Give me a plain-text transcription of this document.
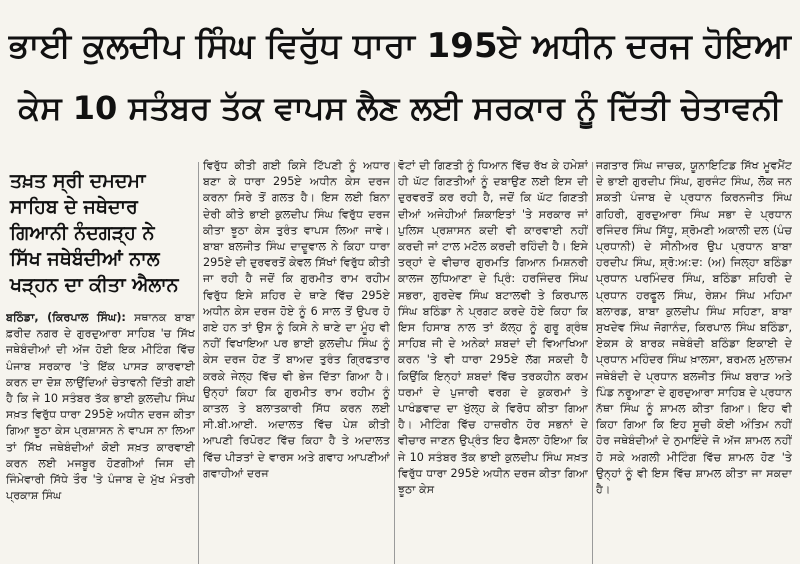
ਭਾਈ ਕੁਲਦੀਪ ਸਿੰਘ ਵਿਰੁੱਧ ਧਾਰਾ 195ਏ ਅਧੀਨ ਦਰਜ ਹੋਇਆ
ਕੇਸ 10 ਸਤੰਬਰ ਤੱਕ ਵਾਪਸ ਲੈਣ ਲਈ ਸਰਕਾਰ ਨੂੰ ਦਿੱਤੀ ਚੇਤਾਵਨੀ
ਤਖ਼ਤ ਸ੍ਰੀ ਦਮਦਮਾ ਸਾਹਿਬ ਦੇ ਜਥੇਦਾਰ ਗਿਆਨੀ ਨੰਦਗੜ੍ਹ ਨੇ ਸਿੱਖ ਜਥੇਬੰਦੀਆਂ ਨਾਲ ਖੜ੍ਹਨ ਦਾ ਕੀਤਾ ਐਲਾਨ

ਬਠਿੰਡਾ, (ਕਿਰਪਾਲ ਸਿੰਘ): ਸਥਾਨਕ ਬਾਬਾ ਫ਼ਰੀਦ ਨਗਰ ਦੇ ਗੁਰਦੁਆਰਾ ਸਾਹਿਬ 'ਚ ਸਿੱਖ ਜਥੇਬੰਦੀਆਂ ਦੀ ਅੱਜ ਹੋਈ ਇਕ ਮੀਟਿੰਗ ਵਿੱਚ ਪੰਜਾਬ ਸਰਕਾਰ 'ਤੇ ਇੱਕ ਪਾਸੜ ਕਾਰਵਾਈ ਕਰਨ ਦਾ ਦੋਸ਼ ਲਾਉਂਦਿਆਂ ਚੇਤਾਵਨੀ ਦਿੱਤੀ ਗਈ ਹੈ ਕਿ ਜੇ 10 ਸਤੰਬਰ ਤੱਕ ਭਾਈ ਕੁਲਦੀਪ ਸਿੰਘ ਸਖ਼ਤ ਵਿਰੁੱਧ ਧਾਰਾ 295ਏ ਅਧੀਨ ਦਰਜ ਕੀਤਾ ਗਿਆ ਝੂਠਾ ਕੇਸ ਪ੍ਰਸ਼ਾਸਨ ਨੇ ਵਾਪਸ ਨਾ ਲਿਆ ਤਾਂ ਸਿੱਖ ਜਥੇਬੰਦੀਆਂ ਕੋਈ ਸਖ਼ਤ ਕਾਰਵਾਈ ਕਰਨ ਲਈ ਮਜਬੂਰ ਹੋਣਗੀਆਂ ਜਿਸ ਦੀ ਜਿੰਮੇਵਾਰੀ ਸਿੱਧੇ ਤੌਰ 'ਤੇ ਪੰਜਾਬ ਦੇ ਮੁੱਖ ਮੰਤਰੀ ਪ੍ਰਕਾਸ਼ ਸਿੰਘ

ਵਿਰੁੱਧ ਕੀਤੀ ਗਈ ਕਿਸੇ ਟਿੱਪਣੀ ਨੂੰ ਅਧਾਰ ਬਣਾ ਕੇ ਧਾਰਾ 295ਏ ਅਧੀਨ ਕੇਸ ਦਰਜ ਕਰਨਾ ਸਿਰੇ ਤੋਂ ਗਲਤ ਹੈ। ਇਸ ਲਈ ਬਿਨਾ ਦੇਰੀ ਕੀਤੇ ਭਾਈ ਕੁਲਦੀਪ ਸਿੰਘ ਵਿਰੁੱਧ ਦਰਜ ਕੀਤਾ ਝੂਠਾ ਕੇਸ ਤੁਰੰਤ ਵਾਪਸ ਲਿਆ ਜਾਵੇ। ਬਾਬਾ ਬਲਜੀਤ ਸਿੰਘ ਦਾਦੂਵਾਲ ਨੇ ਕਿਹਾ ਧਾਰਾ 295ਏ ਦੀ ਦੁਰਵਰਤੋਂ ਕੇਵਲ ਸਿੱਖਾਂ ਵਿਰੁੱਧ ਕੀਤੀ ਜਾ ਰਹੀ ਹੈ ਜਦੋਂ ਕਿ ਗੁਰਮੀਤ ਰਾਮ ਰਹੀਮ ਵਿਰੁੱਧ ਇਸੇ ਸ਼ਹਿਰ ਦੇ ਥਾਣੇ ਵਿੱਚ 295ਏ ਅਧੀਨ ਕੇਸ ਦਰਜ ਹੋਏ ਨੂੰ 6 ਸਾਲ ਤੋਂ ਉਪਰ ਹੋ ਗਏ ਹਨ ਤਾਂ ਉਸ ਨੂੰ ਕਿਸੇ ਨੇ ਥਾਣੇ ਦਾ ਮੂੰਹ ਵੀ ਨਹੀਂ ਵਿਖਾਇਆ ਪਰ ਭਾਈ ਕੁਲਦੀਪ ਸਿੰਘ ਨੂੰ ਕੇਸ ਦਰਜ ਹੋਣ ਤੋਂ ਬਾਅਦ ਤੁਰੰਤ ਗ੍ਰਿਫਤਾਰ ਕਰਕੇ ਜੇਲ੍ਹ ਵਿੱਚ ਵੀ ਭੇਜ ਦਿੱਤਾ ਗਿਆ ਹੈ। ਉਨ੍ਹਾਂ ਕਿਹਾ ਕਿ ਗੁਰਮੀਤ ਰਾਮ ਰਹੀਮ ਨੂੰ ਕਾਤਲ ਤੇ ਬਲਾਤਕਾਰੀ ਸਿੱਧ ਕਰਨ ਲਈ ਸੀ.ਬੀ.ਆਈ. ਅਦਾਲਤ ਵਿੱਚ ਪੇਸ਼ ਕੀਤੀ ਆਪਣੀ ਰਿਪੋਰਟ ਵਿੱਚ ਕਿਹਾ ਹੈ ਤੇ ਅਦਾਲਤ ਵਿੱਚ ਪੀੜਤਾਂ ਦੇ ਵਾਰਸ ਅਤੇ ਗਵਾਹ ਆਪਣੀਆਂ ਗਵਾਹੀਆਂ ਦਰਜ

ਵੋਟਾਂ ਦੀ ਗਿਣਤੀ ਨੂੰ ਧਿਆਨ ਵਿੱਚ ਰੱਖ ਕੇ ਹਮੇਸ਼ਾਂ ਹੀ ਘੱਟ ਗਿਣਤੀਆਂ ਨੂੰ ਦਬਾਉਣ ਲਈ ਇਸ ਦੀ ਦੁਰਵਰਤੋਂ ਕਰ ਰਹੀ ਹੈ, ਜਦੋਂ ਕਿ ਘੱਟ ਗਿਣਤੀ ਦੀਆਂ ਅਜੇਹੀਆਂ ਸ਼ਿਕਾਇਤਾਂ 'ਤੇ ਸਰਕਾਰ ਜਾਂ ਪੁਲਿਸ ਪ੍ਰਸ਼ਾਸਨ ਕਦੀ ਵੀ ਕਾਰਵਾਈ ਨਹੀਂ ਕਰਦੀ ਜਾਂ ਟਾਲ ਮਟੋਲ ਕਰਦੀ ਰਹਿੰਦੀ ਹੈ। ਇਸੇ ਤਰ੍ਹਾਂ ਦੇ ਵੀਚਾਰ ਗੁਰਮਤਿ ਗਿਆਨ ਮਿਸ਼ਨਰੀ ਕਾਲਜ ਲੁਧਿਆਣਾ ਦੇ ਪ੍ਰਿੰ: ਹਰਜਿੰਦਰ ਸਿੰਘ ਸਭਰਾ, ਗੁਰਦੇਵ ਸਿੰਘ ਬਟਾਲਵੀ ਤੇ ਕਿਰਪਾਲ ਸਿੰਘ ਬਠਿੰਡਾ ਨੇ ਪ੍ਰਗਟ ਕਰਦੇ ਹੋਏ ਕਿਹਾ ਕਿ ਇਸ ਹਿਸਾਬ ਨਾਲ ਤਾਂ ਕੱਲ੍ਹ ਨੂੰ ਗੁਰੂ ਗ੍ਰੰਥ ਸਾਹਿਬ ਜੀ ਦੇ ਅਨੇਕਾਂ ਸ਼ਬਦਾਂ ਦੀ ਵਿਆਖਿਆ ਕਰਨ 'ਤੇ ਵੀ ਧਾਰਾ 295ਏ ਲੱਗ ਸਕਦੀ ਹੈ ਕਿਉਂਕਿ ਇਨ੍ਹਾਂ ਸ਼ਬਦਾਂ ਵਿੱਚ ਤਰਕਹੀਨ ਕਰਮ ਧਰਮਾਂ ਦੇ ਪੁਜਾਰੀ ਵਰਗ ਦੇ ਕੁਕਰਮਾਂ ਤੇ ਪਾਖੰਡਵਾਦ ਦਾ ਖੁੱਲ੍ਹ ਕੇ ਵਿਰੋਧ ਕੀਤਾ ਗਿਆ ਹੈ। ਮੀਟਿੰਗ ਵਿੱਚ ਹਾਜ਼ਰੀਨ ਹੋਰ ਸਭਨਾਂ ਦੇ ਵੀਚਾਰ ਜਾਣਨ ਉਪ੍ਰੰਤ ਇਹ ਫੈਸਲਾ ਹੋਇਆ ਕਿ ਜੇ 10 ਸਤੰਬਰ ਤੱਕ ਭਾਈ ਕੁਲਦੀਪ ਸਿੰਘ ਸਖ਼ਤ ਵਿਰੁੱਧ ਧਾਰਾ 295ਏ ਅਧੀਨ ਦਰਜ ਕੀਤਾ ਗਿਆ ਝੂਠਾ ਕੇਸ

ਜਗਤਾਰ ਸਿੰਘ ਜਾਚਕ, ਯੂਨਾਇਟਿਡ ਸਿੱਖ ਮੂਵਮੈਂਟ ਦੇ ਭਾਈ ਗੁਰਦੀਪ ਸਿੰਘ, ਗੁਰਜੰਟ ਸਿੰਘ, ਲੋਕ ਜਨ ਸ਼ਕਤੀ ਪੰਜਾਬ ਦੇ ਪ੍ਰਧਾਨ ਕਿਰਨਜੀਤ ਸਿੰਘ ਗਹਿਰੀ, ਗੁਰਦੁਆਰਾ ਸਿੰਘ ਸਭਾ ਦੇ ਪ੍ਰਧਾਨ ਰਜਿੰਦਰ ਸਿੰਘ ਸਿੱਧੂ, ਸ਼੍ਰੋਮਣੀ ਅਕਾਲੀ ਦਲ (ਪੰਚ ਪ੍ਰਧਾਨੀ) ਦੇ ਸੀਨੀਅਰ ਉਪ ਪ੍ਰਧਾਨ ਬਾਬਾ ਹਰਦੀਪ ਸਿੰਘ, ਸ਼੍ਰੋ:ਅ:ਦ: (ਅ) ਜਿਲ੍ਹਾ ਬਠਿੰਡਾ ਪ੍ਰਧਾਨ ਪਰਮਿੰਦਰ ਸਿੰਘ, ਬਠਿੰਡਾ ਸ਼ਹਿਰੀ ਦੇ ਪ੍ਰਧਾਨ ਹਰਫੂਲ ਸਿੰਘ, ਰੇਸ਼ਮ ਸਿੰਘ ਮਹਿਮਾ ਬਲਾਰਡ, ਬਾਬਾ ਕੁਲਦੀਪ ਸਿੰਘ ਸਹਿਣਾ, ਬਾਬਾ ਸੁਖਦੇਵ ਸਿੰਘ ਜੋਗਾਨੰਦ, ਕਿਰਪਾਲ ਸਿੰਘ ਬਠਿੰਡਾ, ਏਕਸ ਕੇ ਬਾਰਕ ਜਥੇਬੰਦੀ ਬਠਿੰਡਾ ਇਕਾਈ ਦੇ ਪ੍ਰਧਾਨ ਮਹਿੰਦਰ ਸਿੰਘ ਖ਼ਾਲਸਾ, ਬਰਮਲ ਮੁਲਾਜ਼ਮ ਜਥੇਬੰਦੀ ਦੇ ਪ੍ਰਧਾਨ ਬਲਜੀਤ ਸਿੰਘ ਬਰਾੜ ਅਤੇ ਪਿੰਡ ਨਰੂਆਣਾ ਦੇ ਗੁਰਦੁਆਰਾ ਸਾਹਿਬ ਦੇ ਪ੍ਰਧਾਨ ਨੱਥਾ ਸਿੰਘ ਨੂੰ ਸ਼ਾਮਲ ਕੀਤਾ ਗਿਆ। ਇਹ ਵੀ ਕਿਹਾ ਗਿਆ ਕਿ ਇਹ ਸੂਚੀ ਕੋਈ ਅੰਤਿਮ ਨਹੀਂ ਹੋਰ ਜਥੇਬੰਦੀਆਂ ਦੇ ਨੁਮਾਇੰਦੇ ਜੋ ਅੱਜ ਸ਼ਾਮਲ ਨਹੀਂ ਹੋ ਸਕੇ ਅਗਲੀ ਮੀਟਿੰਗ ਵਿੱਚ ਸ਼ਾਮਲ ਹੋਣ 'ਤੇ ਉਨ੍ਹਾਂ ਨੂੰ ਵੀ ਇਸ ਵਿੱਚ ਸ਼ਾਮਲ ਕੀਤਾ ਜਾ ਸਕਦਾ ਹੈ।
